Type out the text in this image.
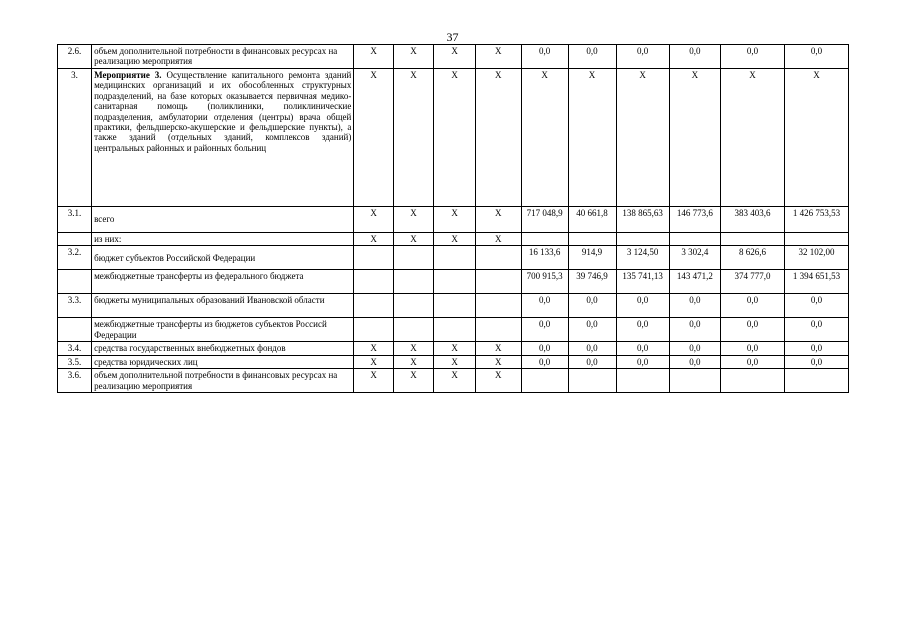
37
2.6.	объем дополнительной потребности в финансовых ресурсах на реализацию мероприятия	X	X	X	X	0,0	0,0	0,0	0,0	0,0	0,0
3.	Мероприятие 3. Осуществление капитального ремонта зданий медицинских организаций и их обособленных структурных подразделений, на базе которых оказывается первичная медико-санитарная помощь (поликлиники, поликлинические подразделения, амбулатории отделения (центры) врача общей практики, фельдшерско-акушерские и фельдшерские пункты), а также зданий (отдельных зданий, комплексов зданий) центральных районных и районных больниц	X	X	X	X	X	X	X	X	X	X
3.1.	всего	X	X	X	X	717 048,9	40 661,8	138 865,63	146 773,6	383 403,6	1 426 753,53
	из них:	X	X	X	X						
3.2.	бюджет субъектов Российской Федерации					16 133,6	914,9	3 124,50	3 302,4	8 626,6	32 102,00
	межбюджетные трансферты из федерального бюджета					700 915,3	39 746,9	135 741,13	143 471,2	374 777,0	1 394 651,53
3.3.	бюджеты муниципальных образований Ивановской области					0,0	0,0	0,0	0,0	0,0	0,0
	межбюджетные трансферты из бюджетов субъектов Россисй Федерации					0,0	0,0	0,0	0,0	0,0	0,0
3.4.	средства государственных внебюджетных фондов	X	X	X	X	0,0	0,0	0,0	0,0	0,0	0,0
3.5.	средства юридических лиц	X	X	X	X	0,0	0,0	0,0	0,0	0,0	0,0
3.6.	объем дополнительной потребности в финансовых ресурсах на реализацию мероприятия	X	X	X	X						
